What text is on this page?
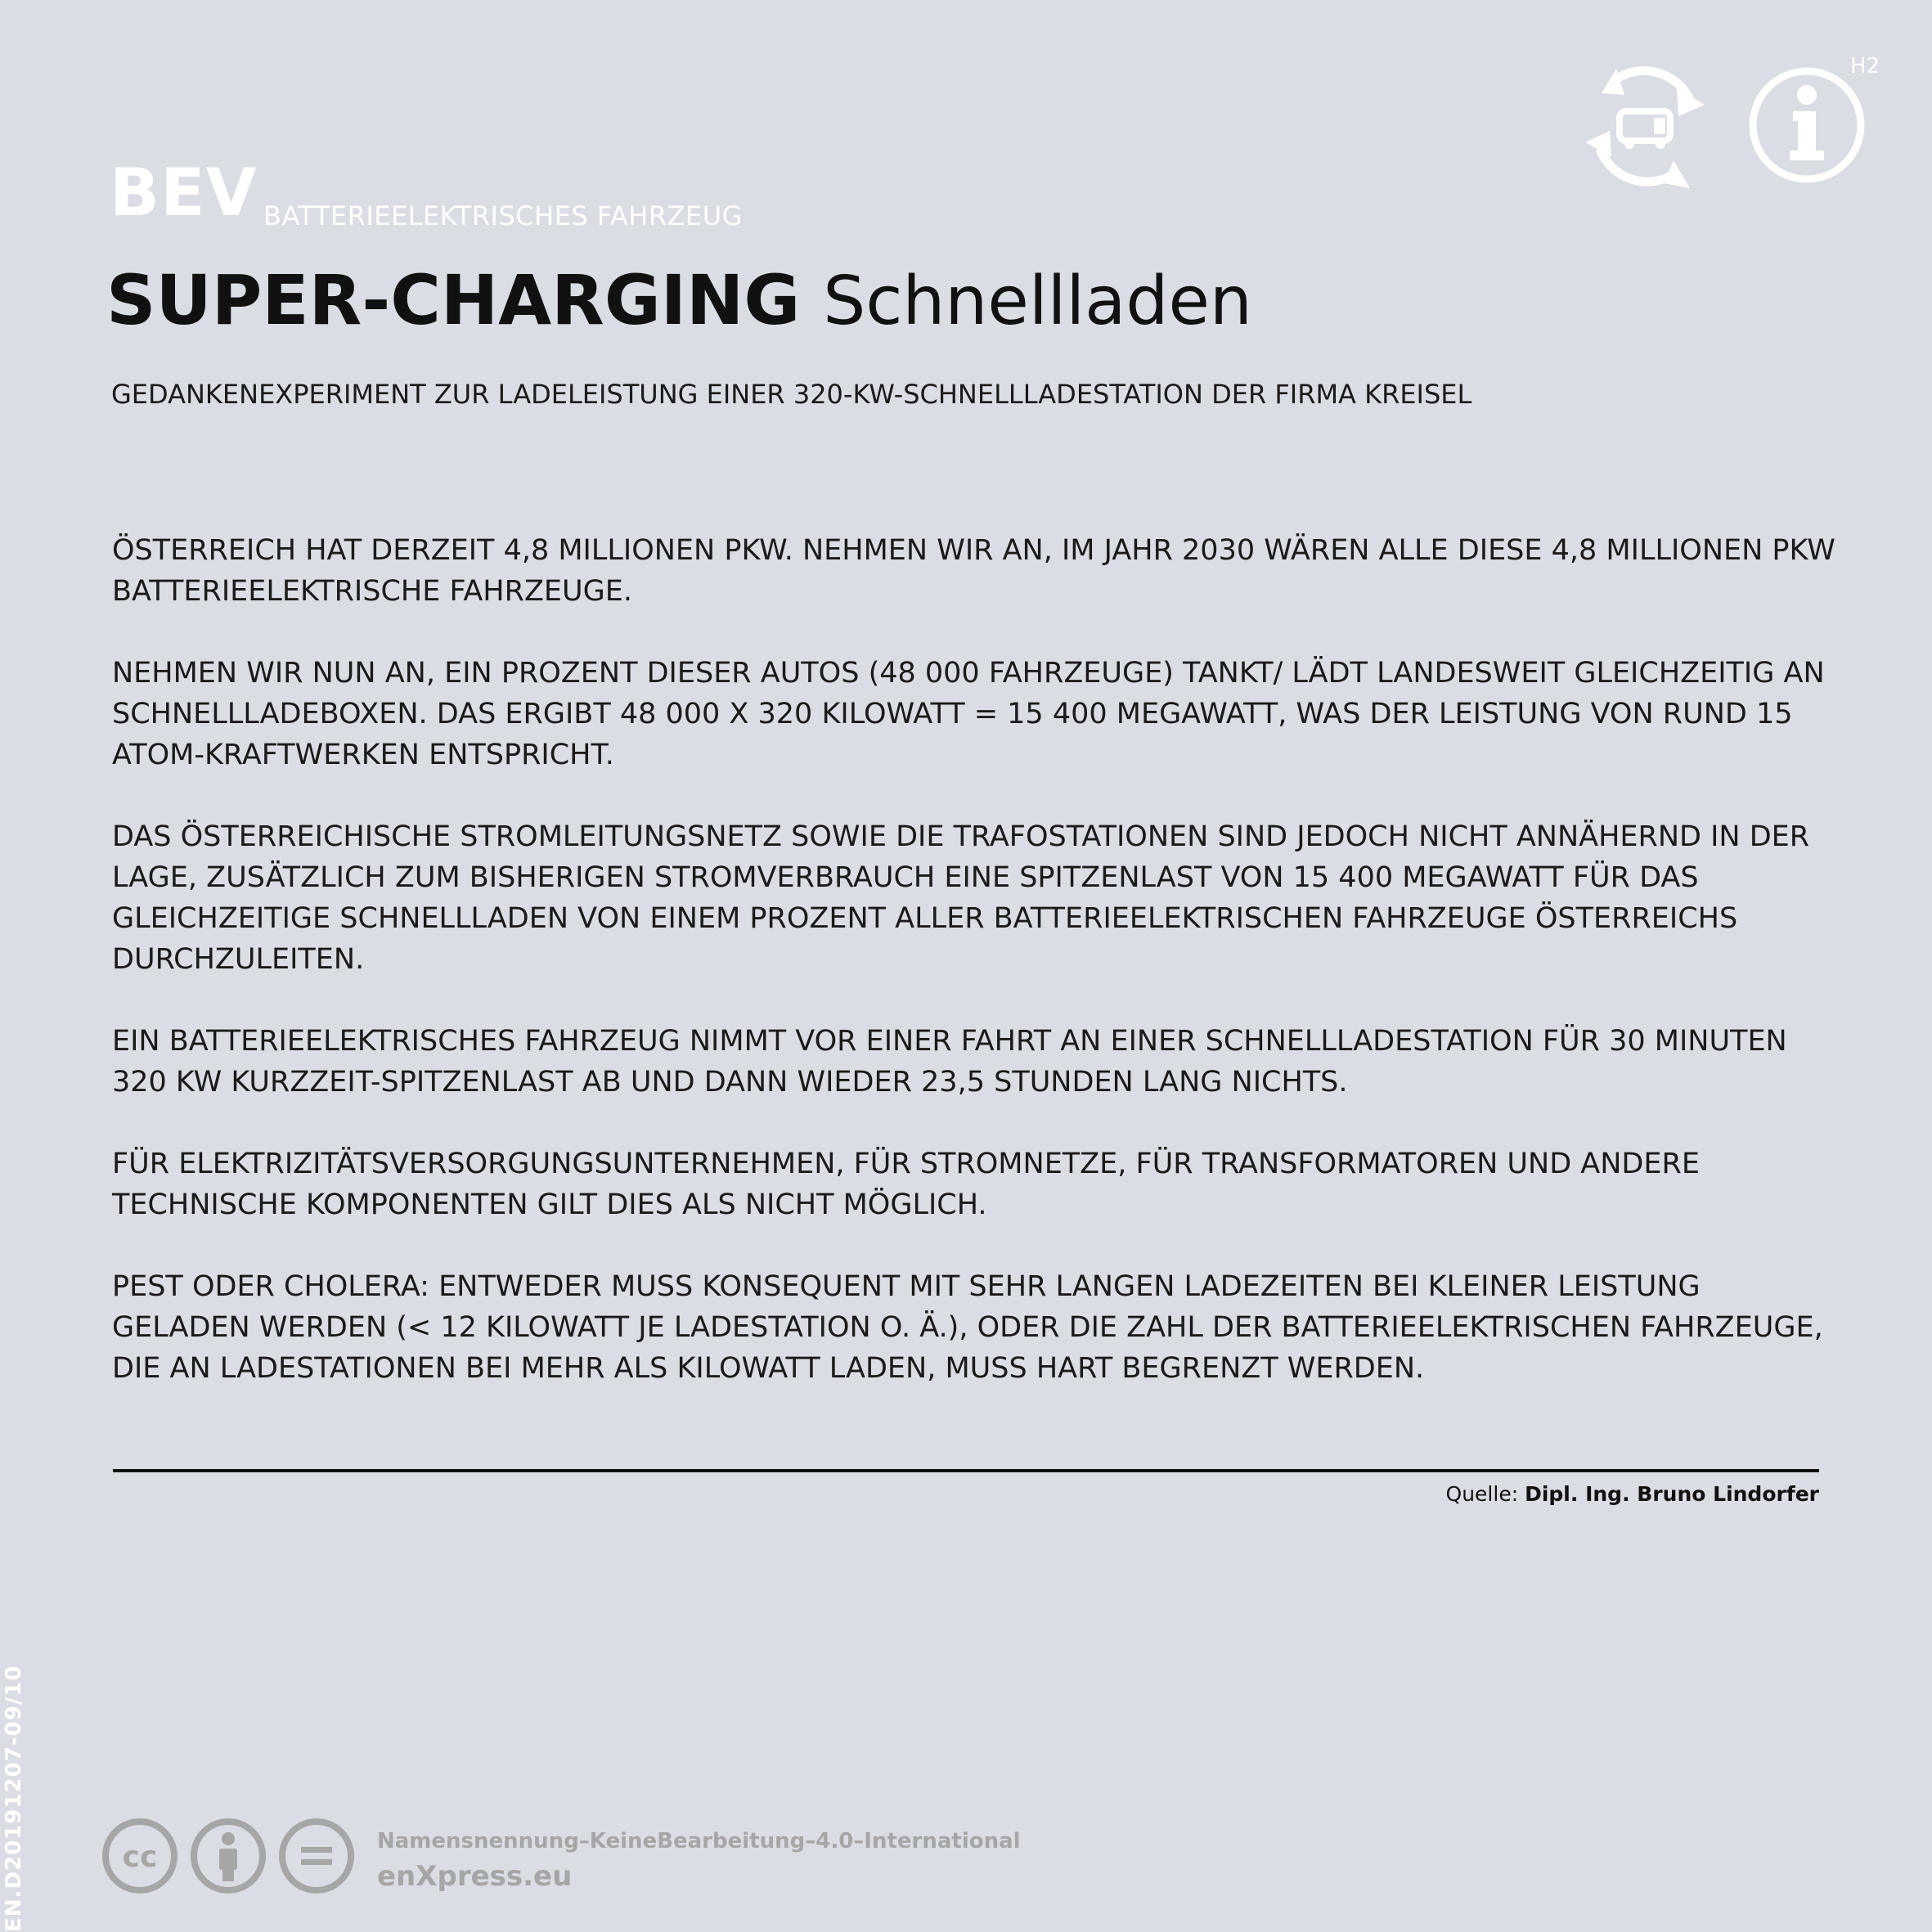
BEV BATTERIEELEKTRISCHES FAHRZEUG
SUPER-CHARGING Schnellladen
GEDANKENEXPERIMENT ZUR LADELEISTUNG EINER 320-KW-SCHNELLLADESTATION DER FIRMA KREISEL
H2

ÖSTERREICH HAT DERZEIT 4,8 MILLIONEN PKW. NEHMEN WIR AN, IM JAHR 2030 WÄREN ALLE DIESE 4,8 MILLIONEN PKW BATTERIEELEKTRISCHE FAHRZEUGE.

NEHMEN WIR NUN AN, EIN PROZENT DIESER AUTOS (48 000 FAHRZEUGE) TANKT/ LÄDT LANDESWEIT GLEICHZEITIG AN SCHNELLLADEBOXEN. DAS ERGIBT 48 000 X 320 KILOWATT = 15 400 MEGAWATT, WAS DER LEISTUNG VON RUND 15 ATOM-KRAFTWERKEN ENTSPRICHT.

DAS ÖSTERREICHISCHE STROMLEITUNGSNETZ SOWIE DIE TRAFOSTATIONEN SIND JEDOCH NICHT ANNÄHERND IN DER LAGE, ZUSÄTZLICH ZUM BISHERIGEN STROMVERBRAUCH EINE SPITZENLAST VON 15 400 MEGAWATT FÜR DAS GLEICHZEITIGE SCHNELLLADEN VON EINEM PROZENT ALLER BATTERIEELEKTRISCHEN FAHRZEUGE ÖSTERREICHS DURCHZULEITEN.

EIN BATTERIEELEKTRISCHES FAHRZEUG NIMMT VOR EINER FAHRT AN EINER SCHNELLLADESTATION FÜR 30 MINUTEN 320 KW KURZZEIT-SPITZENLAST AB UND DANN WIEDER 23,5 STUNDEN LANG NICHTS.

FÜR ELEKTRIZITÄTSVERSORGUNGSUNTERNEHMEN, FÜR STROMNETZE, FÜR TRANSFORMATOREN UND ANDERE TECHNISCHE KOMPONENTEN GILT DIES ALS NICHT MÖGLICH.

PEST ODER CHOLERA: ENTWEDER MUSS KONSEQUENT MIT SEHR LANGEN LADEZEITEN BEI KLEINER LEISTUNG GELADEN WERDEN (< 12 KILOWATT JE LADESTATION O. Ä.), ODER DIE ZAHL DER BATTERIEELEKTRISCHEN FAHRZEUGE, DIE AN LADESTATIONEN BEI MEHR ALS KILOWATT LADEN, MUSS HART BEGRENZT WERDEN.

Quelle: Dipl. Ing. Bruno Lindorfer
EN.D20191207-09/10	cc	Namensnennung–KeineBearbeitung–4.0–International
enXpress.eu
